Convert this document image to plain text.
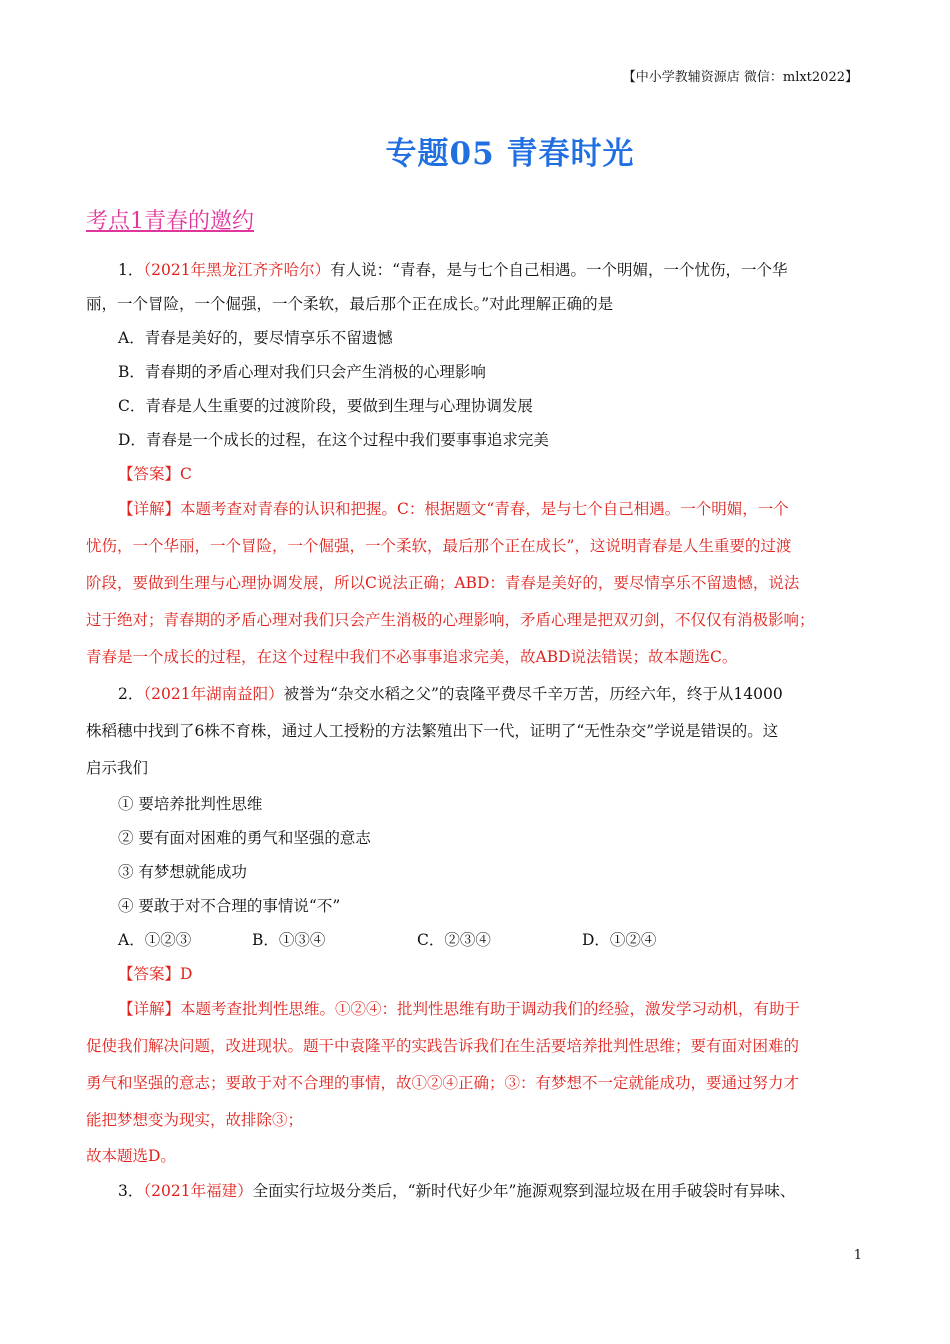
【中小学教辅资源店 微信：mlxt2022】
专题05 青春时光
考点1青春的邀约
1．（2021年黑龙江齐齐哈尔）有人说：“青春，是与七个自己相遇。一个明媚，一个忧伤，一个华
丽，一个冒险，一个倔强，一个柔软，最后那个正在成长。”对此理解正确的是
A．青春是美好的，要尽情享乐不留遗憾
B．青春期的矛盾心理对我们只会产生消极的心理影响
C．青春是人生重要的过渡阶段，要做到生理与心理协调发展
D．青春是一个成长的过程，在这个过程中我们要事事追求完美
【答案】C
【详解】本题考查对青春的认识和把握。C：根据题文“青春，是与七个自己相遇。一个明媚，一个
忧伤，一个华丽，一个冒险，一个倔强，一个柔软，最后那个正在成长”，这说明青春是人生重要的过渡
阶段，要做到生理与心理协调发展，所以C说法正确；ABD：青春是美好的，要尽情享乐不留遗憾，说法
过于绝对；青春期的矛盾心理对我们只会产生消极的心理影响，矛盾心理是把双刃剑，不仅仅有消极影响；
青春是一个成长的过程，在这个过程中我们不必事事追求完美，故ABD说法错误；故本题选C。
2．（2021年湖南益阳）被誉为“杂交水稻之父”的袁隆平费尽千辛万苦，历经六年，终于从14000
株稻穗中找到了6株不育株，通过人工授粉的方法繁殖出下一代，证明了“无性杂交”学说是错误的。这
启示我们
① 要培养批判性思维
② 要有面对困难的勇气和坚强的意志
③ 有梦想就能成功
④ 要敢于对不合理的事情说“不”
A．①②③	B．①③④	C．②③④	D．①②④
【答案】D
【详解】本题考查批判性思维。①②④：批判性思维有助于调动我们的经验，激发学习动机，有助于
促使我们解决问题，改进现状。题干中袁隆平的实践告诉我们在生活要培养批判性思维；要有面对困难的
勇气和坚强的意志；要敢于对不合理的事情，故①②④正确；③：有梦想不一定就能成功，要通过努力才
能把梦想变为现实，故排除③；
故本题选D。
3．（2021年福建）全面实行垃圾分类后，“新时代好少年”施源观察到湿垃圾在用手破袋时有异味、
1
